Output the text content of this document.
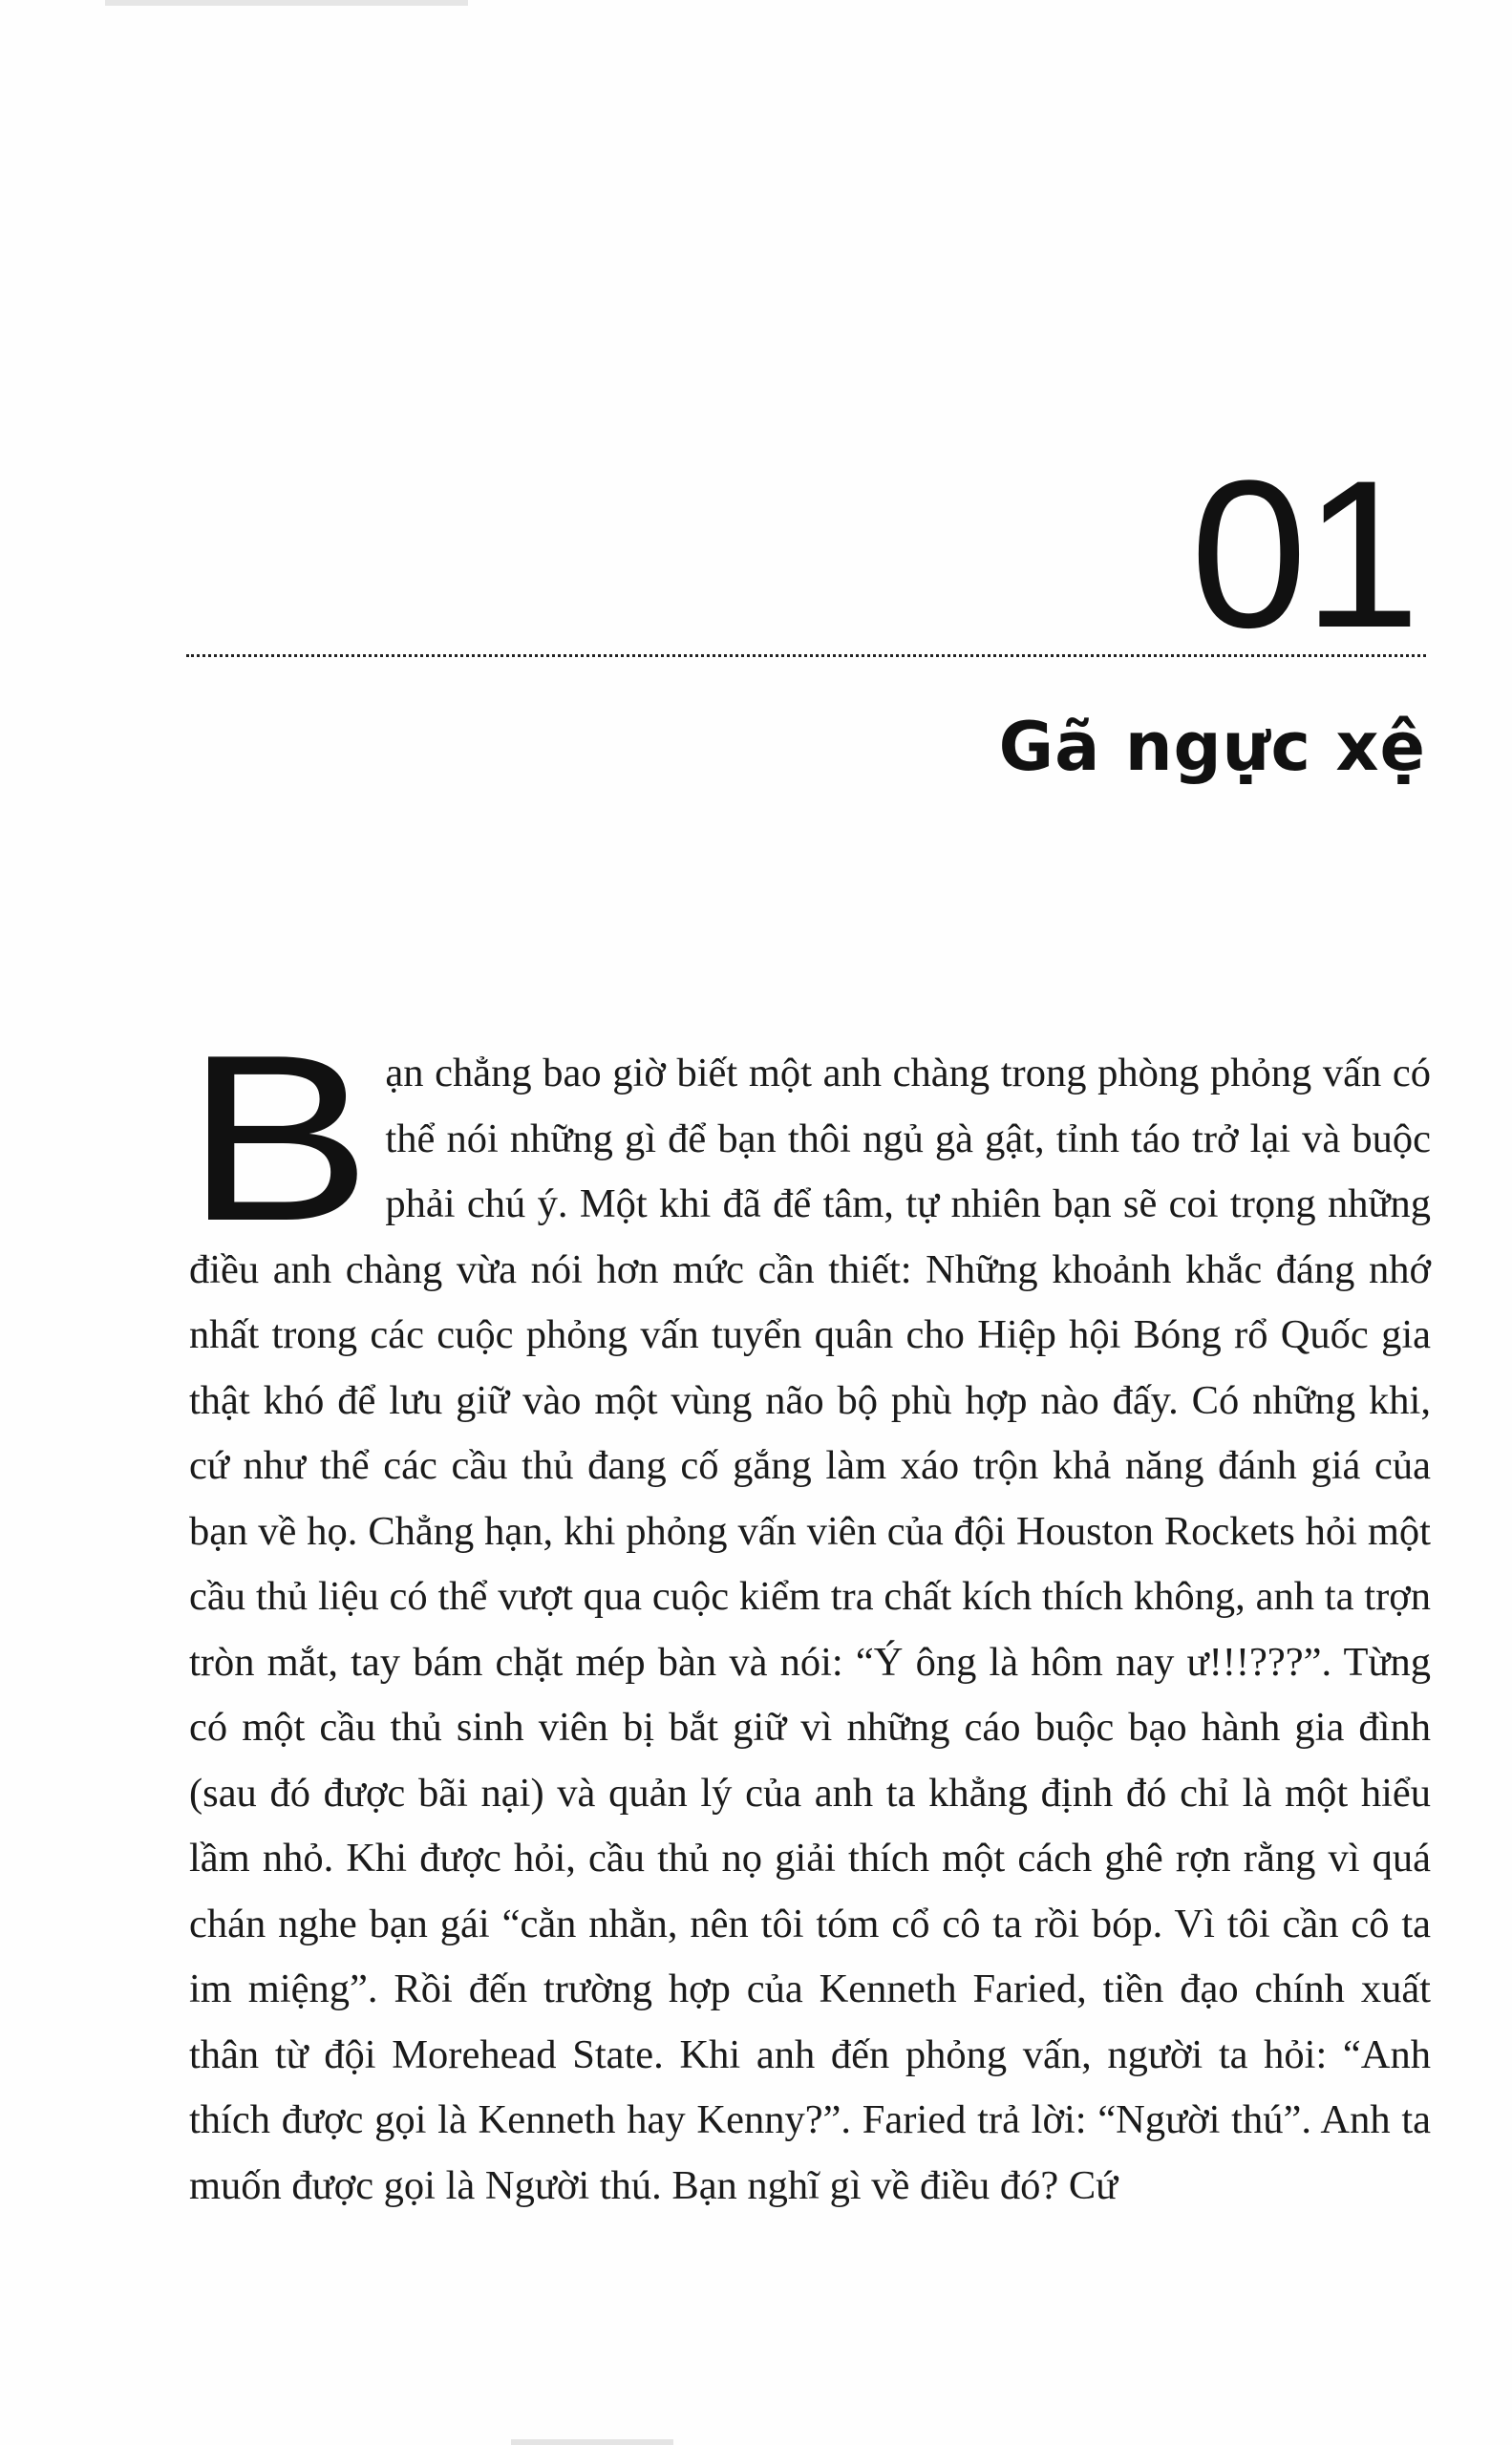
01
Gã ngực xệ

Bạn chẳng bao giờ biết một anh chàng trong phòng phỏng vấn có thể nói những gì để bạn thôi ngủ gà gật, tỉnh táo trở lại và buộc phải chú ý. Một khi đã để tâm, tự nhiên bạn sẽ coi trọng những điều anh chàng vừa nói hơn mức cần thiết: Những khoảnh khắc đáng nhớ nhất trong các cuộc phỏng vấn tuyển quân cho Hiệp hội Bóng rổ Quốc gia thật khó để lưu giữ vào một vùng não bộ phù hợp nào đấy. Có những khi, cứ như thể các cầu thủ đang cố gắng làm xáo trộn khả năng đánh giá của bạn về họ. Chẳng hạn, khi phỏng vấn viên của đội Houston Rockets hỏi một cầu thủ liệu có thể vượt qua cuộc kiểm tra chất kích thích không, anh ta trợn tròn mắt, tay bám chặt mép bàn và nói: “Ý ông là hôm nay ư!!!???”. Từng có một cầu thủ sinh viên bị bắt giữ vì những cáo buộc bạo hành gia đình (sau đó được bãi nại) và quản lý của anh ta khẳng định đó chỉ là một hiểu lầm nhỏ. Khi được hỏi, cầu thủ nọ giải thích một cách ghê rợn rằng vì quá chán nghe bạn gái “cằn nhằn, nên tôi tóm cổ cô ta rồi bóp. Vì tôi cần cô ta im miệng”. Rồi đến trường hợp của Kenneth Faried, tiền đạo chính xuất thân từ đội Morehead State. Khi anh đến phỏng vấn, người ta hỏi: “Anh thích được gọi là Kenneth hay Kenny?”. Faried trả lời: “Người thú”. Anh ta muốn được gọi là Người thú. Bạn nghĩ gì về điều đó? Cứ
